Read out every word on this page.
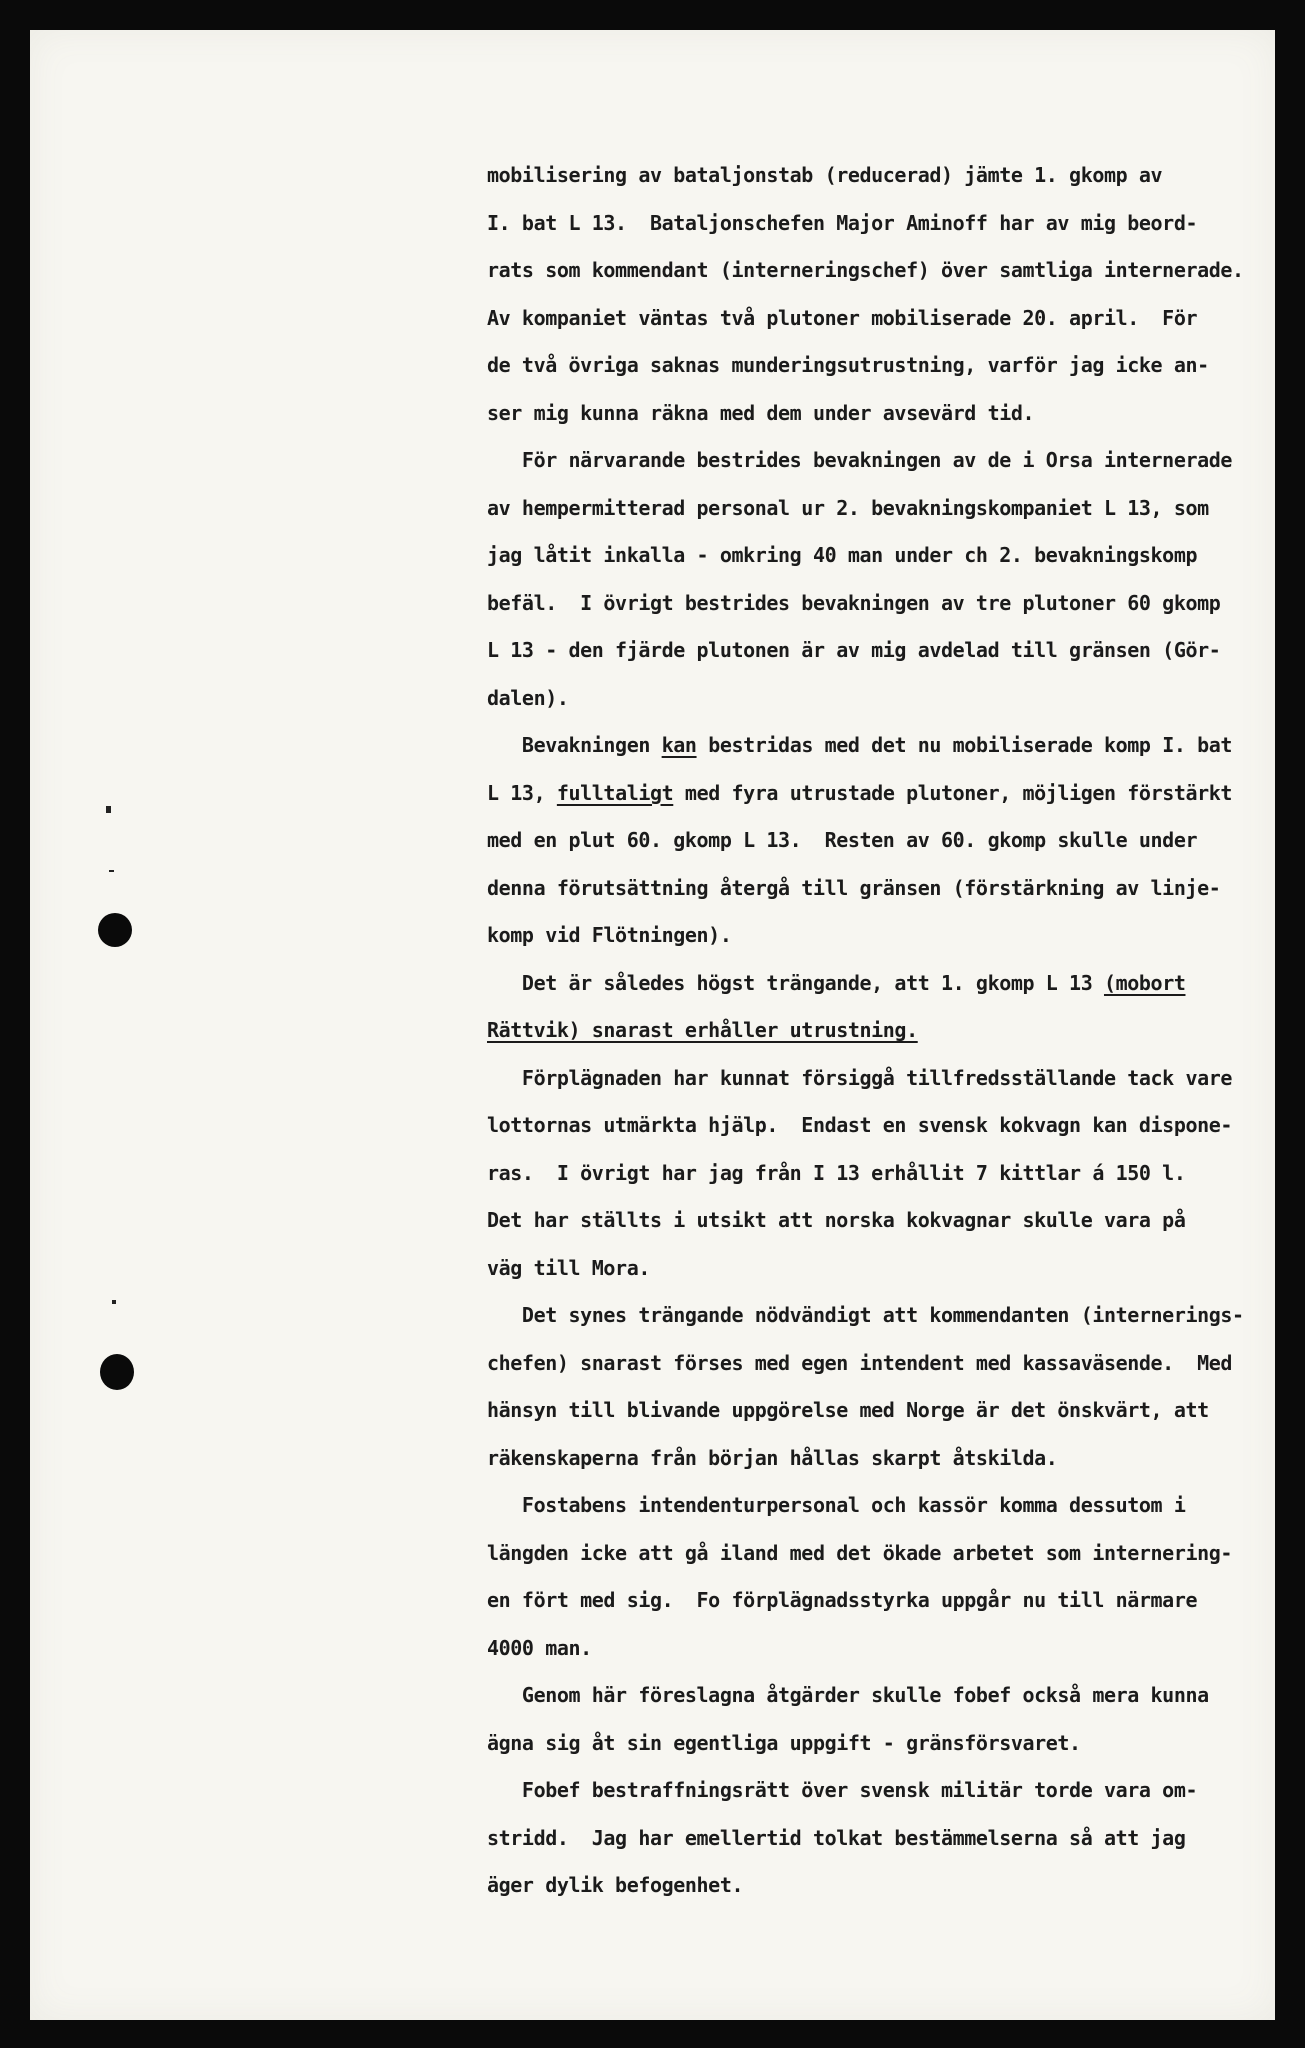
mobilisering av bataljonstab (reducerad) jämte 1. gkomp av
I. bat L 13.  Bataljonschefen Major Aminoff har av mig beord-
rats som kommendant (interneringschef) över samtliga internerade.
Av kompaniet väntas två plutoner mobiliserade 20. april.  För
de två övriga saknas munderingsutrustning, varför jag icke an-
ser mig kunna räkna med dem under avsevärd tid.
För närvarande bestrides bevakningen av de i Orsa internerade
av hempermitterad personal ur 2. bevakningskompaniet L 13, som
jag låtit inkalla - omkring 40 man under ch 2. bevakningskomp
befäl.  I övrigt bestrides bevakningen av tre plutoner 60 gkomp
L 13 - den fjärde plutonen är av mig avdelad till gränsen (Gör-
dalen).
Bevakningen kan bestridas med det nu mobiliserade komp I. bat
L 13, fulltaligt med fyra utrustade plutoner, möjligen förstärkt
med en plut 60. gkomp L 13.  Resten av 60. gkomp skulle under
denna förutsättning återgå till gränsen (förstärkning av linje-
komp vid Flötningen).
Det är således högst trängande, att 1. gkomp L 13 (mobort
Rättvik) snarast erhåller utrustning.
Förplägnaden har kunnat försiggå tillfredsställande tack vare
lottornas utmärkta hjälp.  Endast en svensk kokvagn kan dispone-
ras.  I övrigt har jag från I 13 erhållit 7 kittlar á 150 l.
Det har ställts i utsikt att norska kokvagnar skulle vara på
väg till Mora.
Det synes trängande nödvändigt att kommendanten (internerings-
chefen) snarast förses med egen intendent med kassaväsende.  Med
hänsyn till blivande uppgörelse med Norge är det önskvärt, att
räkenskaperna från början hållas skarpt åtskilda.
Fostabens intendenturpersonal och kassör komma dessutom i
längden icke att gå iland med det ökade arbetet som internering-
en fört med sig.  Fo förplägnadsstyrka uppgår nu till närmare
4000 man.
Genom här föreslagna åtgärder skulle fobef också mera kunna
ägna sig åt sin egentliga uppgift - gränsförsvaret.
Fobef bestraffningsrätt över svensk militär torde vara om-
stridd.  Jag har emellertid tolkat bestämmelserna så att jag
äger dylik befogenhet.
